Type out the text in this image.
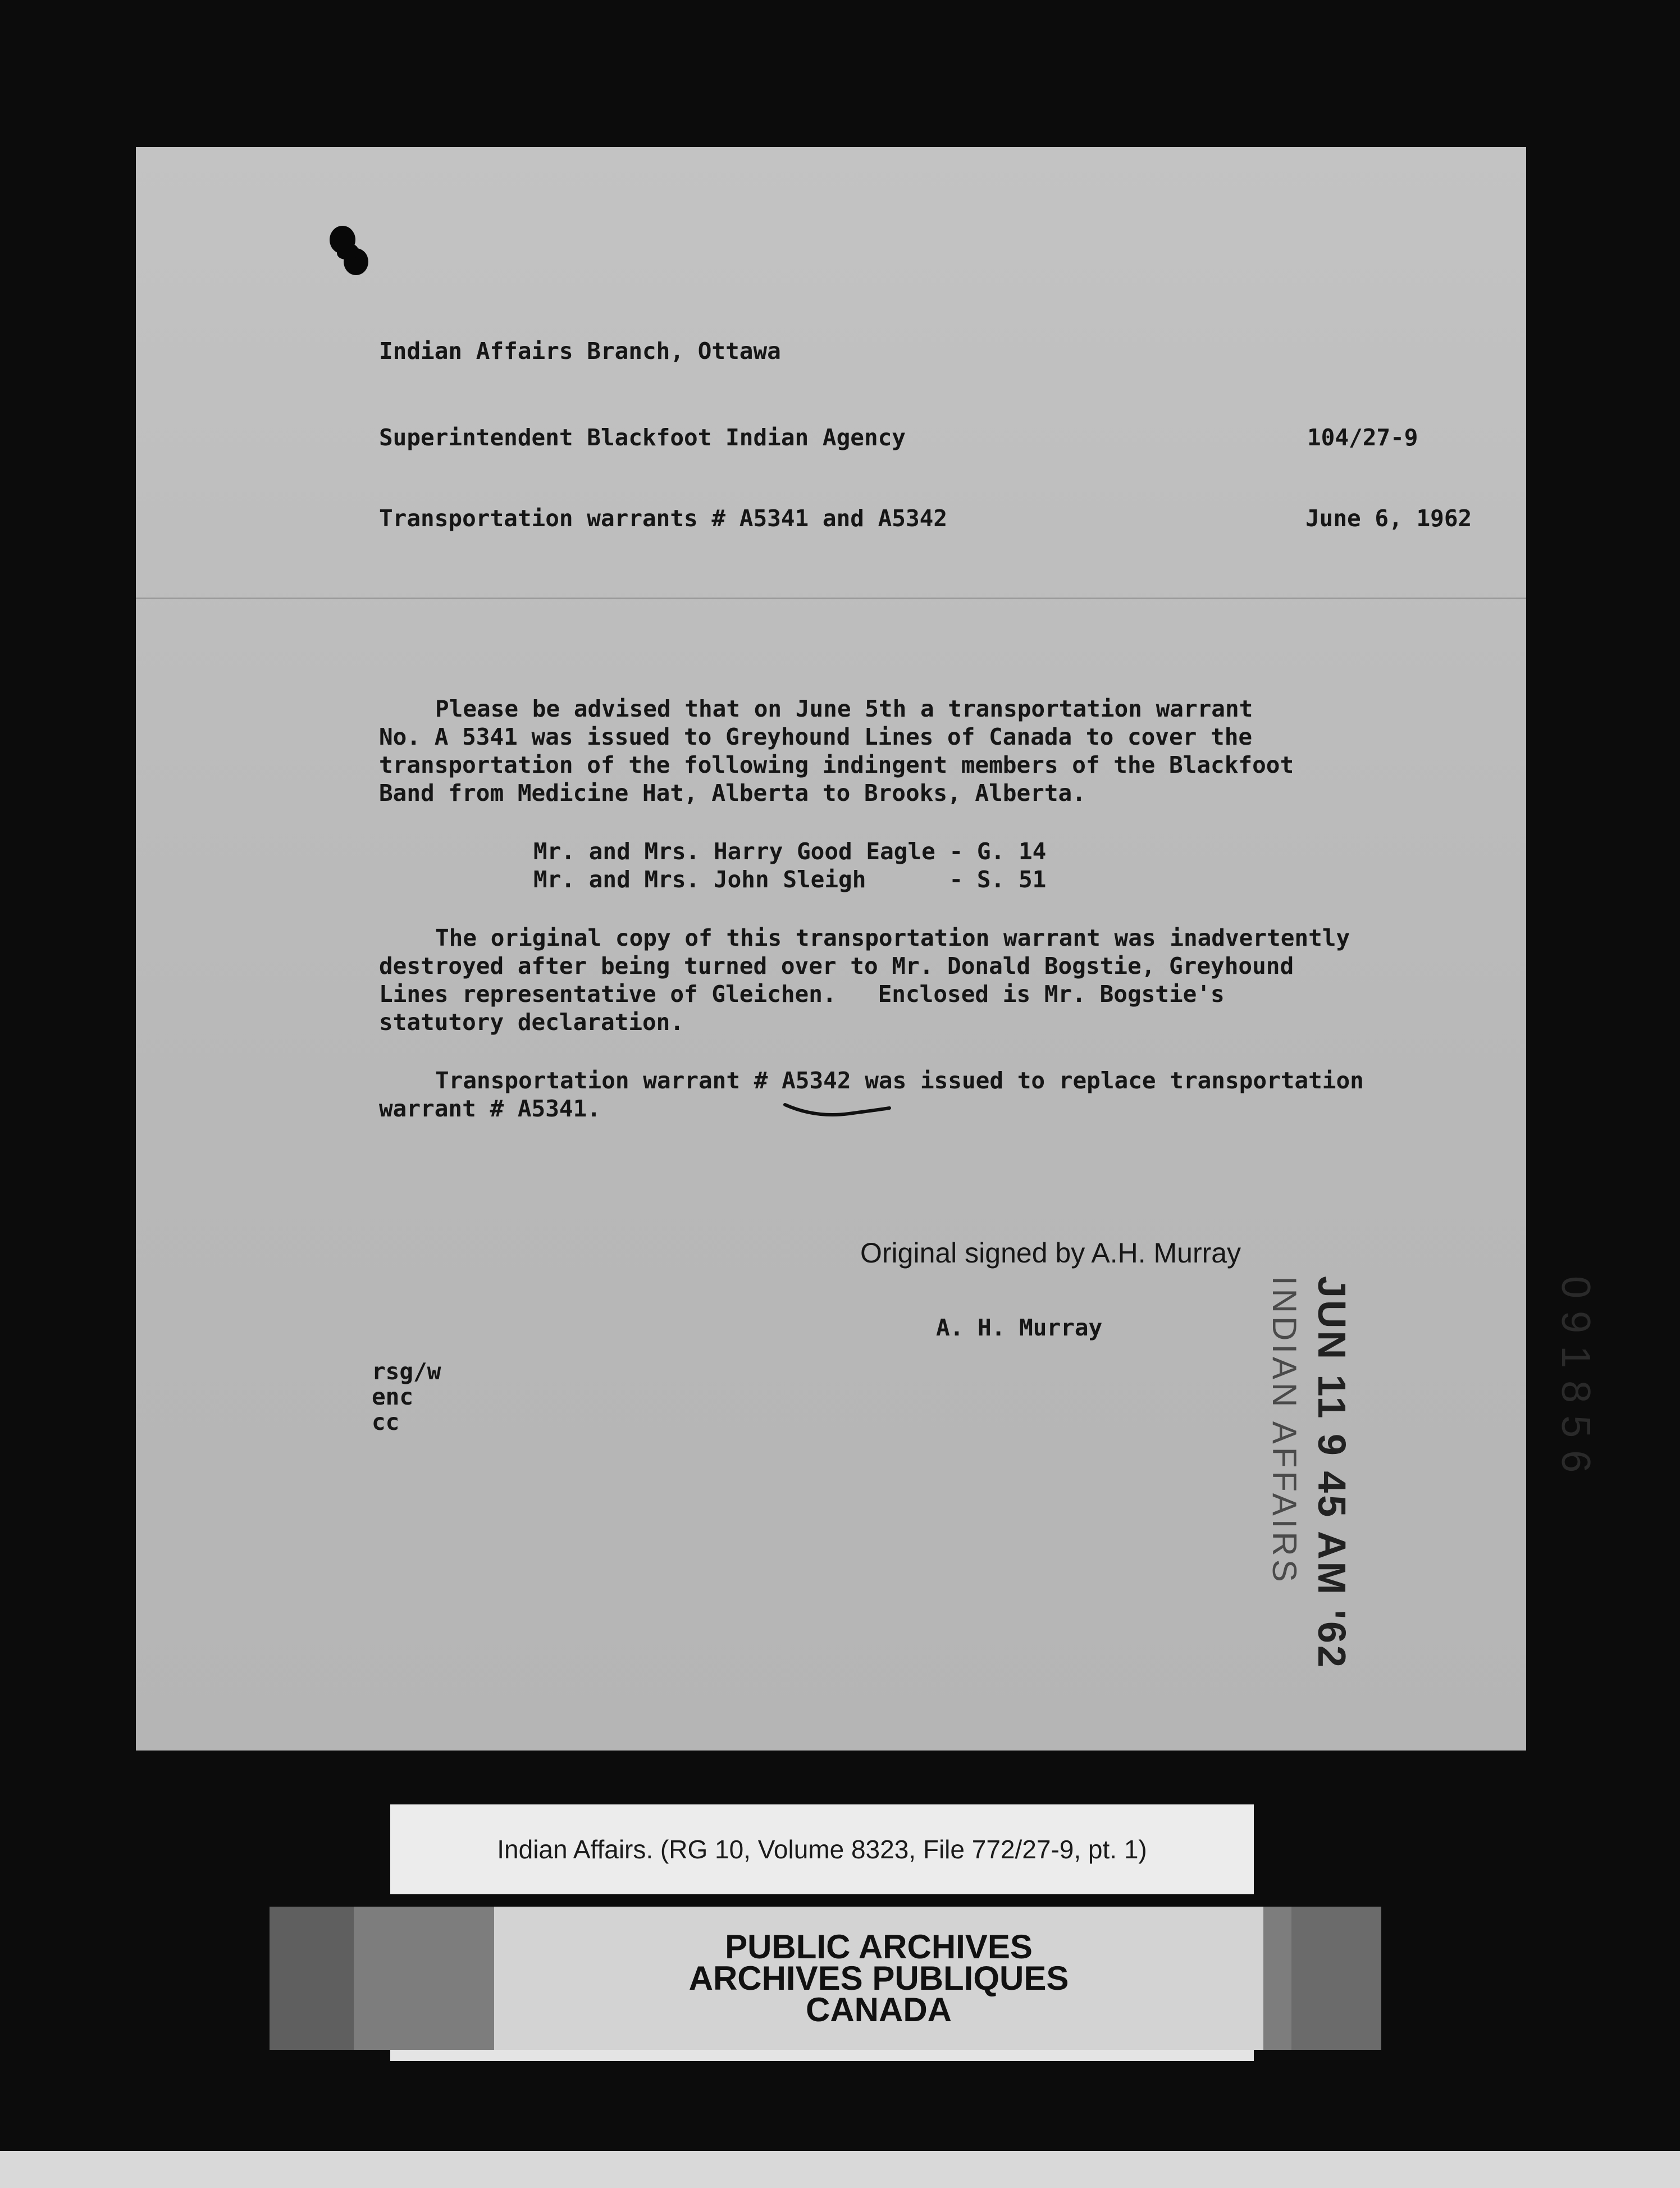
Indian Affairs Branch, Ottawa
Superintendent Blackfoot Indian Agency	104/27-9
Transportation warrants # A5341 and A5342	June 6, 1962
Please be advised that on June 5th a transportation warrant
No. A 5341 was issued to Greyhound Lines of Canada to cover the
transportation of the following indingent members of the Blackfoot
Band from Medicine Hat, Alberta to Brooks, Alberta.
Mr. and Mrs. Harry Good Eagle - G. 14
Mr. and Mrs. John Sleigh      - S. 51
The original copy of this transportation warrant was inadvertently
destroyed after being turned over to Mr. Donald Bogstie, Greyhound
Lines representative of Gleichen.   Enclosed is Mr. Bogstie's
statutory declaration.
Transportation warrant # A5342 was issued to replace transportation
warrant # A5341.
Original signed by A.H. Murray
A. H. Murray
rsg/w
enc
cc	JUN 11 9 45 AM '62
INDIAN AFFAIRS	091856
Indian Affairs. (RG 10, Volume 8323, File 772/27-9, pt. 1)
PUBLIC ARCHIVES
ARCHIVES PUBLIQUES
CANADA
